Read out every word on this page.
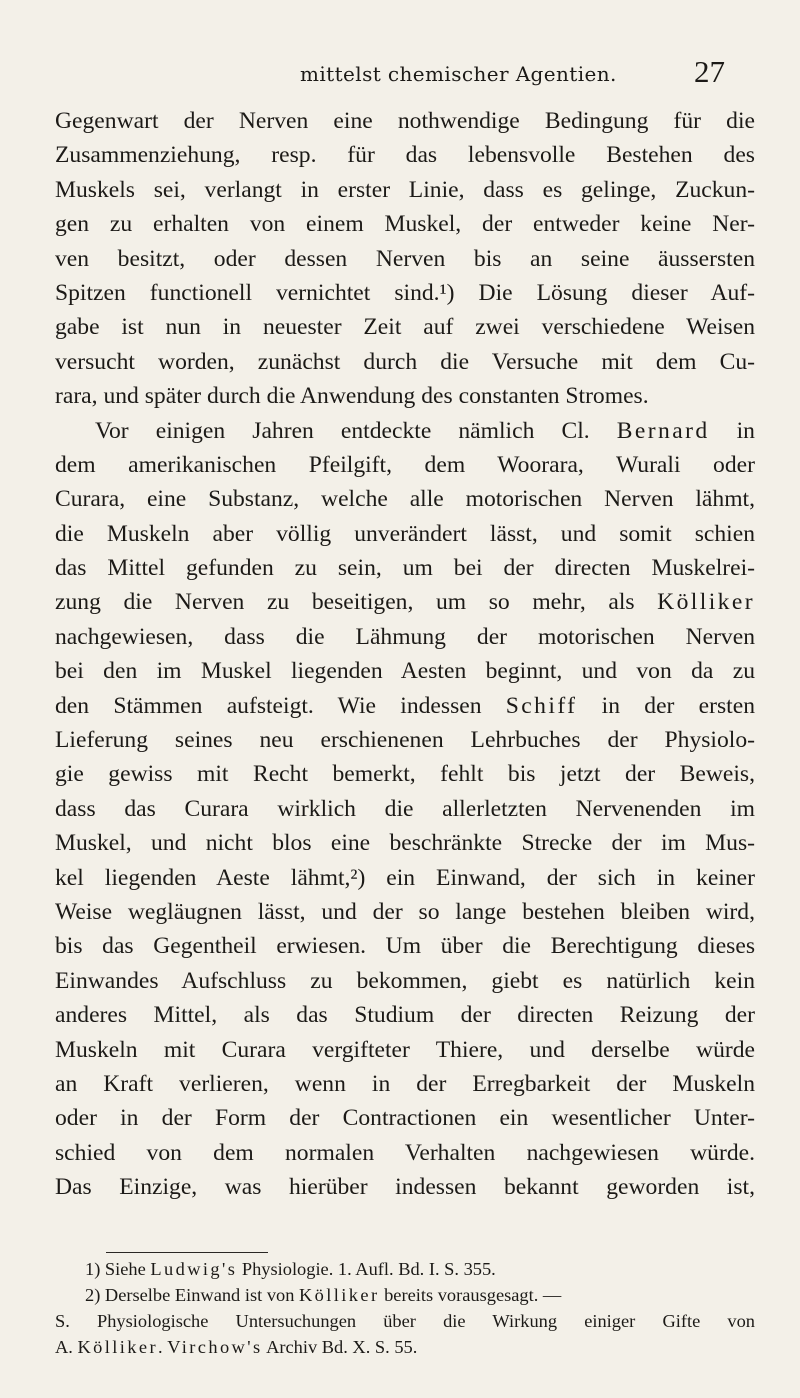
mittelst chemischer Agentien. 27
Gegenwart der Nerven eine nothwendige Bedingung für die
Zusammenziehung, resp. für das lebensvolle Bestehen des
Muskels sei, verlangt in erster Linie, dass es gelinge, Zuckun-
gen zu erhalten von einem Muskel, der entweder keine Ner-
ven besitzt, oder dessen Nerven bis an seine äussersten
Spitzen functionell vernichtet sind.¹) Die Lösung dieser Auf-
gabe ist nun in neuester Zeit auf zwei verschiedene Weisen
versucht worden, zunächst durch die Versuche mit dem Cu-
rara, und später durch die Anwendung des constanten Stromes.
Vor einigen Jahren entdeckte nämlich Cl. Bernard in
dem amerikanischen Pfeilgift, dem Woorara, Wurali oder
Curara, eine Substanz, welche alle motorischen Nerven lähmt,
die Muskeln aber völlig unverändert lässt, und somit schien
das Mittel gefunden zu sein, um bei der directen Muskelrei-
zung die Nerven zu beseitigen, um so mehr, als Kölliker
nachgewiesen, dass die Lähmung der motorischen Nerven
bei den im Muskel liegenden Aesten beginnt, und von da zu
den Stämmen aufsteigt. Wie indessen Schiff in der ersten
Lieferung seines neu erschienenen Lehrbuches der Physiolo-
gie gewiss mit Recht bemerkt, fehlt bis jetzt der Beweis,
dass das Curara wirklich die allerletzten Nervenenden im
Muskel, und nicht blos eine beschränkte Strecke der im Mus-
kel liegenden Aeste lähmt,²) ein Einwand, der sich in keiner
Weise wegläugnen lässt, und der so lange bestehen bleiben wird,
bis das Gegentheil erwiesen. Um über die Berechtigung dieses
Einwandes Aufschluss zu bekommen, giebt es natürlich kein
anderes Mittel, als das Studium der directen Reizung der
Muskeln mit Curara vergifteter Thiere, und derselbe würde
an Kraft verlieren, wenn in der Erregbarkeit der Muskeln
oder in der Form der Contractionen ein wesentlicher Unter-
schied von dem normalen Verhalten nachgewiesen würde.
Das Einzige, was hierüber indessen bekannt geworden ist,
1) Siehe Ludwig's Physiologie. 1. Aufl. Bd. I. S. 355.
2) Derselbe Einwand ist von Kölliker bereits vorausgesagt. —
S. Physiologische Untersuchungen über die Wirkung einiger Gifte von
A. Kölliker. Virchow's Archiv Bd. X. S. 55.
